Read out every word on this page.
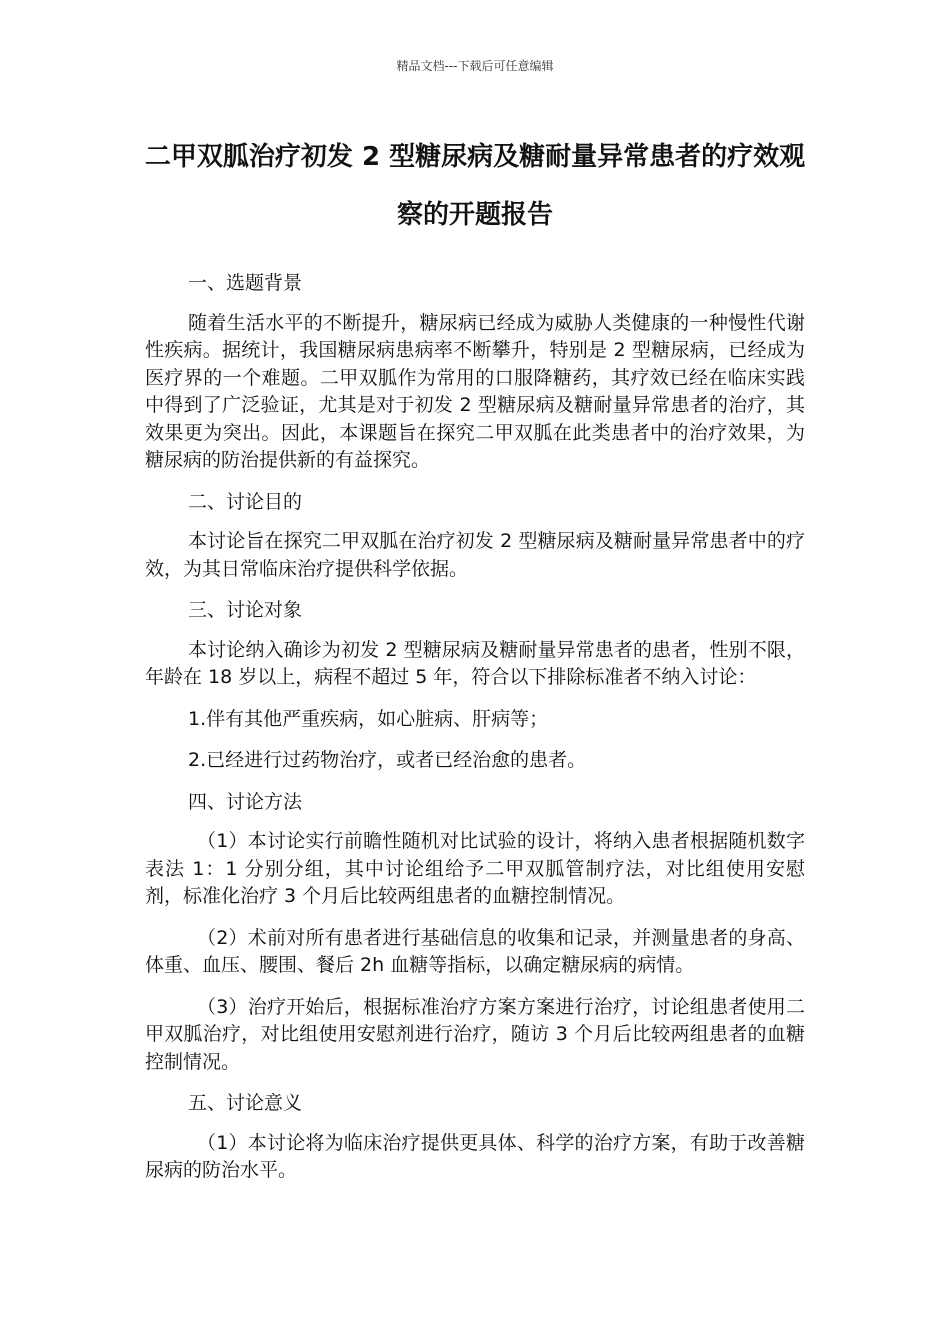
精品文档---下载后可任意编辑
二甲双胍治疗初发 2 型糖尿病及糖耐量异常患者的疗效观察的开题报告

一、选题背景

随着生活水平的不断提升，糖尿病已经成为威胁人类健康的一种慢性代谢性疾病。据统计，我国糖尿病患病率不断攀升，特别是 2 型糖尿病，已经成为医疗界的一个难题。二甲双胍作为常用的口服降糖药，其疗效已经在临床实践中得到了广泛验证，尤其是对于初发 2 型糖尿病及糖耐量异常患者的治疗，其效果更为突出。因此，本课题旨在探究二甲双胍在此类患者中的治疗效果，为糖尿病的防治提供新的有益探究。

二、讨论目的

本讨论旨在探究二甲双胍在治疗初发 2 型糖尿病及糖耐量异常患者中的疗效，为其日常临床治疗提供科学依据。

三、讨论对象

本讨论纳入确诊为初发 2 型糖尿病及糖耐量异常患者的患者，性别不限，年龄在 18 岁以上，病程不超过 5 年，符合以下排除标准者不纳入讨论：

1.伴有其他严重疾病，如心脏病、肝病等；

2.已经进行过药物治疗，或者已经治愈的患者。

四、讨论方法

（1）本讨论实行前瞻性随机对比试验的设计，将纳入患者根据随机数字表法 1：1 分别分组，其中讨论组给予二甲双胍管制疗法，对比组使用安慰剂，标准化治疗 3 个月后比较两组患者的血糖控制情况。

（2）术前对所有患者进行基础信息的收集和记录，并测量患者的身高、体重、血压、腰围、餐后 2h 血糖等指标，以确定糖尿病的病情。

（3）治疗开始后，根据标准治疗方案方案进行治疗，讨论组患者使用二甲双胍治疗，对比组使用安慰剂进行治疗，随访 3 个月后比较两组患者的血糖控制情况。

五、讨论意义

（1）本讨论将为临床治疗提供更具体、科学的治疗方案，有助于改善糖尿病的防治水平。
